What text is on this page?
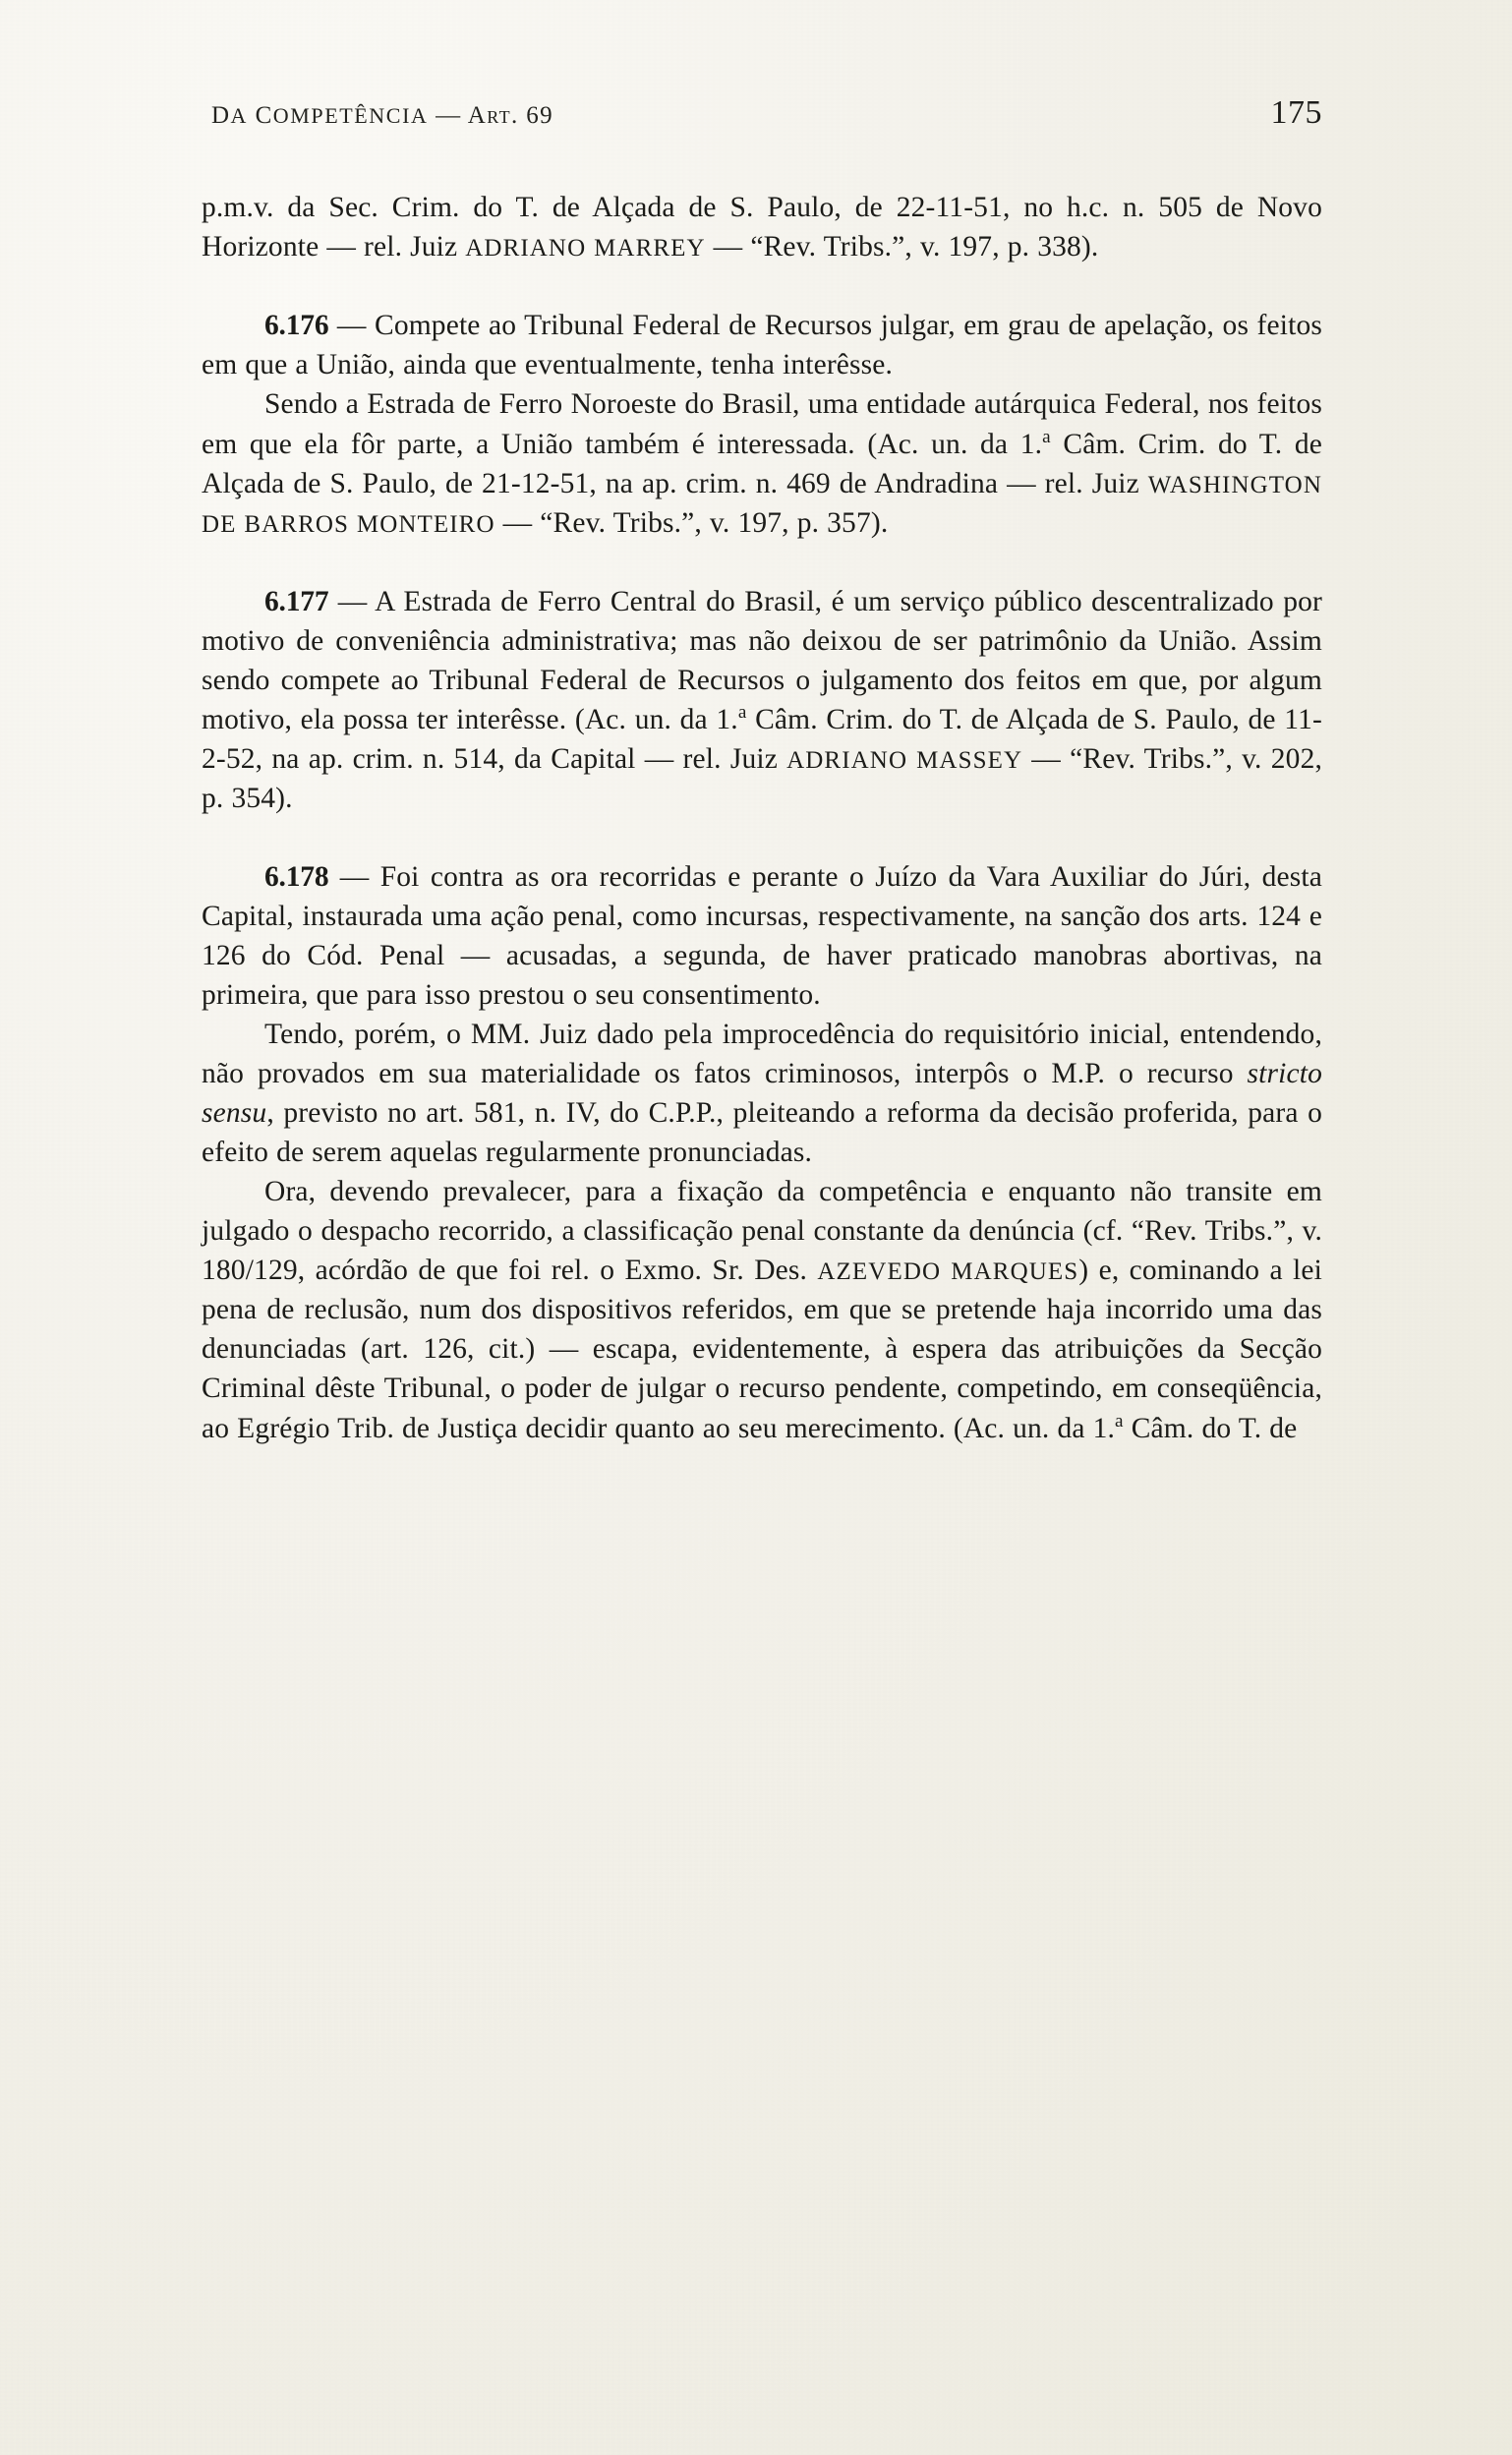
DA COMPETÊNCIA — Art. 69	175

p.m.v. da Sec. Crim. do T. de Alçada de S. Paulo, de 22-11-51, no h.c. n. 505 de Novo Horizonte — rel. Juiz ADRIANO MARREY — “Rev. Tribs.”, v. 197, p. 338).

6.176 — Compete ao Tribunal Federal de Recursos julgar, em grau de apelação, os feitos em que a União, ainda que eventualmente, tenha interêsse.

Sendo a Estrada de Ferro Noroeste do Brasil, uma entidade autárquica Federal, nos feitos em que ela fôr parte, a União também é interessada. (Ac. un. da 1.$^a$ Câm. Crim. do T. de Alçada de S. Paulo, de 21-12-51, na ap. crim. n. 469 de Andradina — rel. Juiz WASHINGTON DE BARROS MONTEIRO — “Rev. Tribs.”, v. 197, p. 357).

6.177 — A Estrada de Ferro Central do Brasil, é um serviço público descentralizado por motivo de conveniência administrativa; mas não deixou de ser patrimônio da União. Assim sendo compete ao Tribunal Federal de Recursos o julgamento dos feitos em que, por algum motivo, ela possa ter interêsse. (Ac. un. da 1.$^a$ Câm. Crim. do T. de Alçada de S. Paulo, de 11-2-52, na ap. crim. n. 514, da Capital — rel. Juiz ADRIANO MASSEY — “Rev. Tribs.”, v. 202, p. 354).

6.178 — Foi contra as ora recorridas e perante o Juízo da Vara Auxiliar do Júri, desta Capital, instaurada uma ação penal, como incursas, respectivamente, na sanção dos arts. 124 e 126 do Cód. Penal — acusadas, a segunda, de haver praticado manobras abortivas, na primeira, que para isso prestou o seu consentimento.

Tendo, porém, o MM. Juiz dado pela improcedência do requisitório inicial, entendendo, não provados em sua materialidade os fatos criminosos, interpôs o M.P. o recurso stricto sensu, previsto no art. 581, n. IV, do C.P.P., pleiteando a reforma da decisão proferida, para o efeito de serem aquelas regularmente pronunciadas.

Ora, devendo prevalecer, para a fixação da competência e enquanto não transite em julgado o despacho recorrido, a classificação penal constante da denúncia (cf. “Rev. Tribs.”, v. 180/129, acórdão de que foi rel. o Exmo. Sr. Des. AZEVEDO MARQUES) e, cominando a lei pena de reclusão, num dos dispositivos referidos, em que se pretende haja incorrido uma das denunciadas (art. 126, cit.) — escapa, evidentemente, à espera das atribuições da Secção Criminal dêste Tribunal, o poder de julgar o recurso pendente, competindo, em conseqüência, ao Egrégio Trib. de Justiça decidir quanto ao seu merecimento. (Ac. un. da 1.$^a$ Câm. do T. de
